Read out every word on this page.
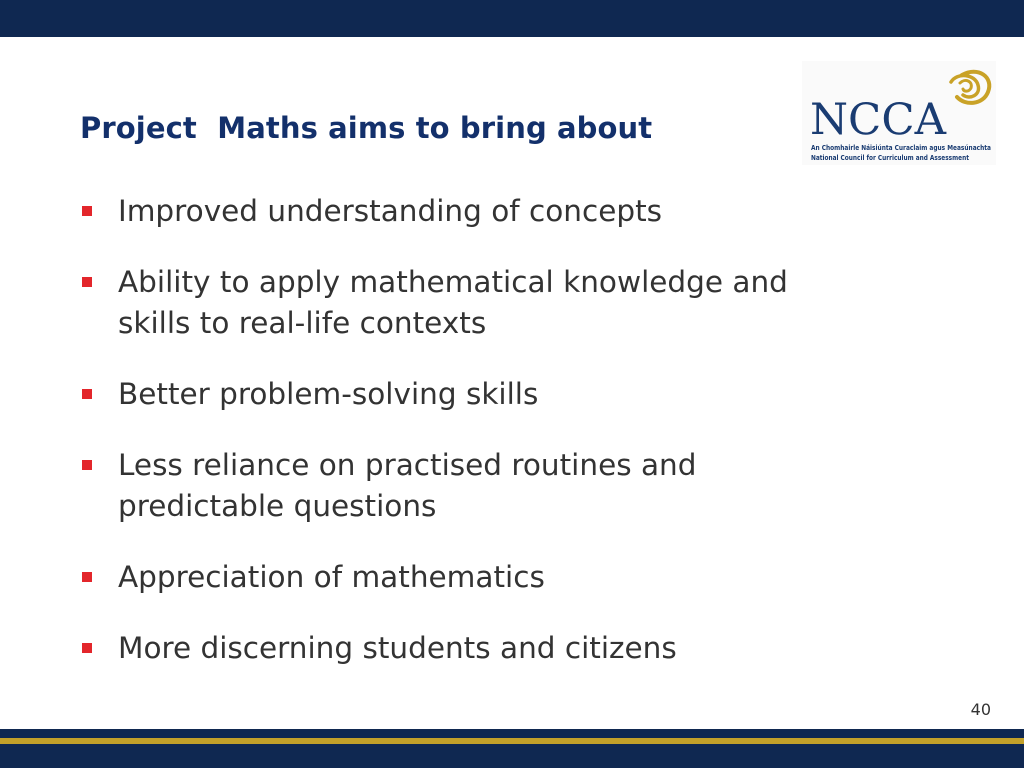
NCCA
An Chomhairle Náisiúnta Curaclaim agus Measúnachta
National Council for Curriculum and Assessment
Project  Maths aims to bring about
Improved understanding of concepts
Ability to apply mathematical knowledge and
skills to real-life contexts
Better problem-solving skills
Less reliance on practised routines and
predictable questions
Appreciation of mathematics
More discerning students and citizens
40
